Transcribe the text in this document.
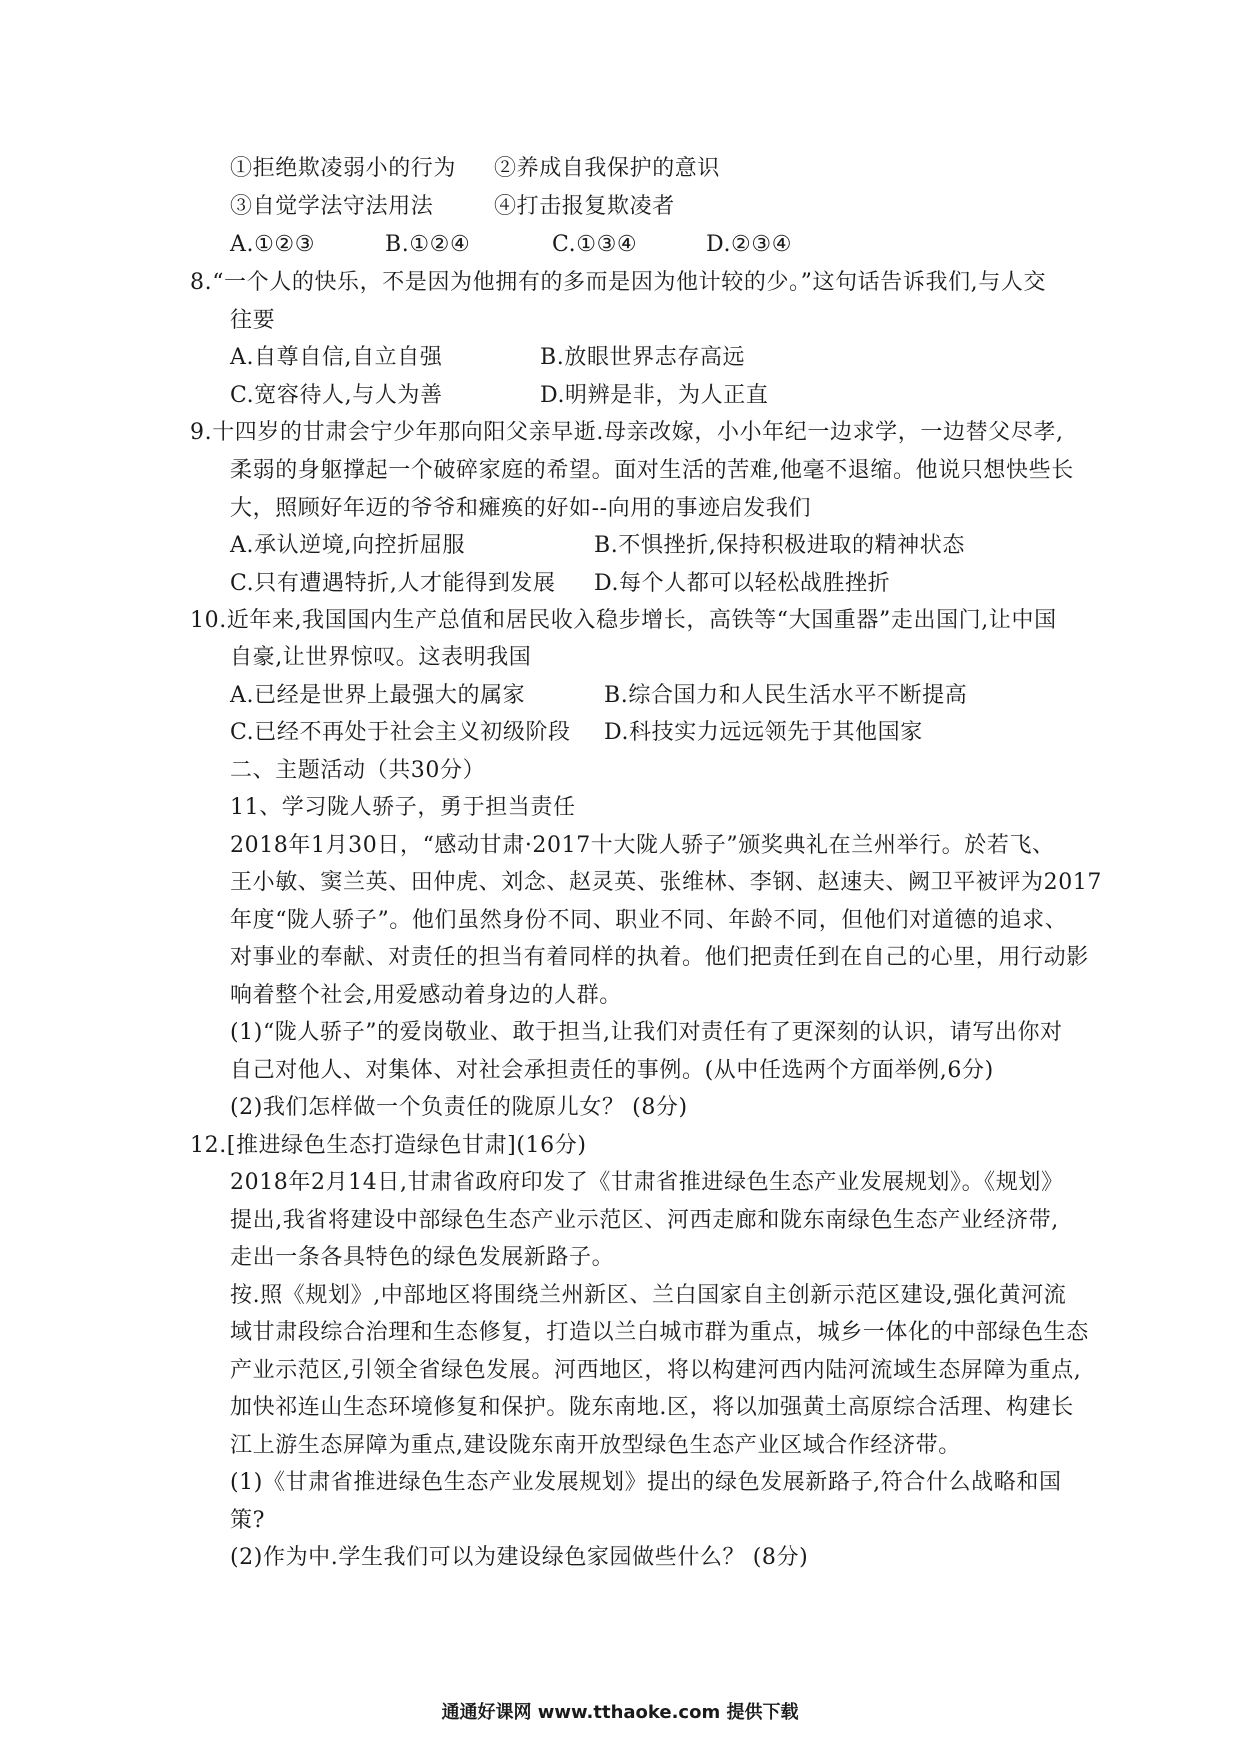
①拒绝欺凌弱小的行为 ②养成自我保护的意识
③自觉学法守法用法	④打击报复欺凌者
A.①②③	B.①②④	C.①③④	D.②③④
8.“一个人的快乐，不是因为他拥有的多而是因为他计较的少。”这句话告诉我们,与人交
往要
A.自尊自信,自立自强	B.放眼世界志存高远
C.宽容待人,与人为善	D.明辨是非，为人正直
9.十四岁的甘肃会宁少年那向阳父亲早逝.母亲改嫁，小小年纪一边求学，一边替父尽孝,
柔弱的身躯撑起一个破碎家庭的希望。面对生活的苦难,他毫不退缩。他说只想快些长
大，照顾好年迈的爷爷和瘫痪的好如--向用的事迹启发我们
A.承认逆境,向控折屈服	B.不惧挫折,保持积极进取的精神状态
C.只有遭遇特折,人才能得到发展 D.每个人都可以轻松战胜挫折
10.近年来,我国国内生产总值和居民收入稳步增长，高铁等“大国重器”走出国门,让中国
自豪,让世界惊叹。这表明我国
A.已经是世界上最强大的属家	B.综合国力和人民生活水平不断提高
C.已经不再处于社会主义初级阶段 D.科技实力远远领先于其他国家
二、主题活动（共30分）
11、学习陇人骄子，勇于担当责任
2018年1月30日，“感动甘肃·2017十大陇人骄子”颁奖典礼在兰州举行。於若飞、
王小敏、窦兰英、田仲虎、刘念、赵灵英、张维林、李钢、赵速夫、阙卫平被评为2017
年度“陇人骄子”。他们虽然身份不同、职业不同、年龄不同，但他们对道德的追求、
对事业的奉献、对责任的担当有着同样的执着。他们把责任到在自己的心里，用行动影
响着整个社会,用爱感动着身边的人群。
(1)“陇人骄子”的爱岗敬业、敢于担当,让我们对责任有了更深刻的认识，请写出你对
自己对他人、对集体、对社会承担责任的事例。(从中任选两个方面举例,6分)
(2)我们怎样做一个负责任的陇原儿女？ (8分)
12.[推进绿色生态打造绿色甘肃](16分)
2018年2月14日,甘肃省政府印发了《甘肃省推进绿色生态产业发展规划》。《规划》
提出,我省将建设中部绿色生态产业示范区、河西走廊和陇东南绿色生态产业经济带,
走出一条各具特色的绿色发展新路子。
按.照《规划》,中部地区将围绕兰州新区、兰白国家自主创新示范区建设,强化黄河流
域甘肃段综合治理和生态修复，打造以兰白城市群为重点，城乡一体化的中部绿色生态
产业示范区,引领全省绿色发展。河西地区，将以构建河西内陆河流域生态屏障为重点,
加快祁连山生态环境修复和保护。陇东南地.区，将以加强黄土高原综合活理、构建长
江上游生态屏障为重点,建设陇东南开放型绿色生态产业区域合作经济带。
(1)《甘肃省推进绿色生态产业发展规划》提出的绿色发展新路子,符合什么战略和国
策?
(2)作为中.学生我们可以为建设绿色家园做些什么？ (8分)
通通好课网 www.tthaoke.com 提供下载
